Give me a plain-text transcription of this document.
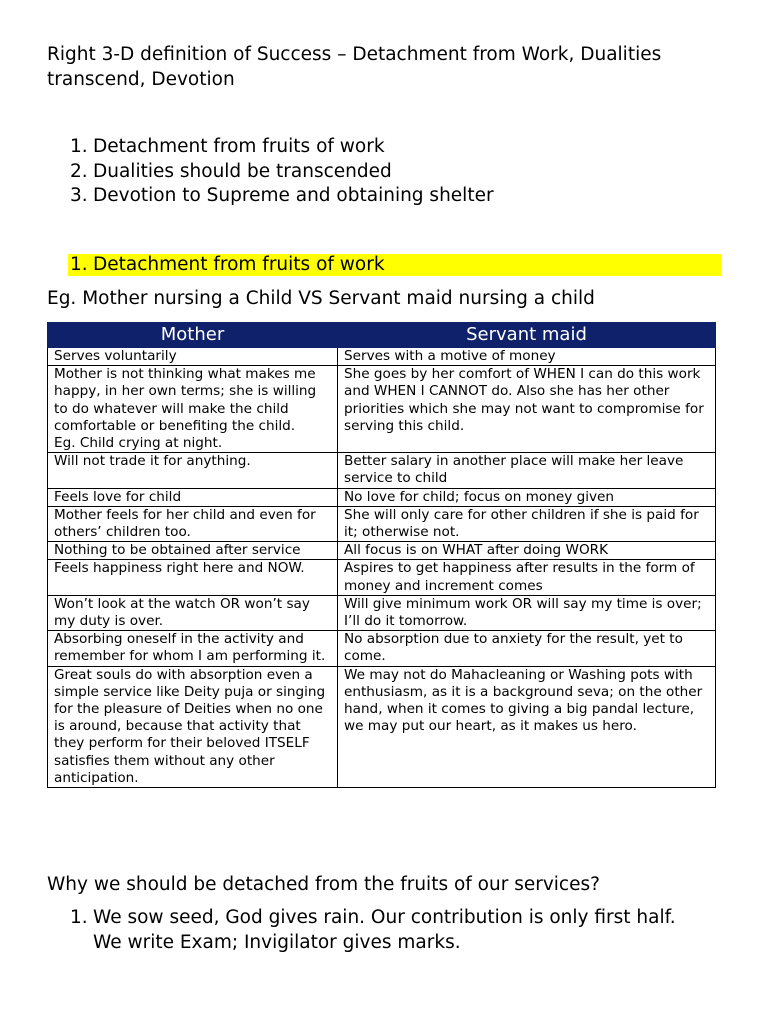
Right 3-D definition of Success – Detachment from Work, Dualities transcend, Devotion
1. Detachment from fruits of work
2. Dualities should be transcended
3. Devotion to Supreme and obtaining shelter
1. Detachment from fruits of work
Eg. Mother nursing a Child VS Servant maid nursing a child
Mother	Servant maid
Serves voluntarily	Serves with a motive of money
Mother is not thinking what makes me happy, in her own terms; she is willing to do whatever will make the child comfortable or benefiting the child.
Eg. Child crying at night.	She goes by her comfort of WHEN I can do this work and WHEN I CANNOT do. Also she has her other priorities which she may not want to compromise for serving this child.
Will not trade it for anything.	Better salary in another place will make her leave service to child
Feels love for child	No love for child; focus on money given
Mother feels for her child and even for others’ children too.	She will only care for other children if she is paid for it; otherwise not.
Nothing to be obtained after service	All focus is on WHAT after doing WORK
Feels happiness right here and NOW.	Aspires to get happiness after results in the form of money and increment comes
Won’t look at the watch OR won’t say my duty is over.	Will give minimum work OR will say my time is over; I’ll do it tomorrow.
Absorbing oneself in the activity and remember for whom I am performing it.	No absorption due to anxiety for the result, yet to come.
Great souls do with absorption even a simple service like Deity puja or singing for the pleasure of Deities when no one is around, because that activity that they perform for their beloved ITSELF satisfies them without any other anticipation.	We may not do Mahacleaning or Washing pots with enthusiasm, as it is a background seva; on the other hand, when it comes to giving a big pandal lecture, we may put our heart, as it makes us hero.
Why we should be detached from the fruits of our services?
1. We sow seed, God gives rain. Our contribution is only first half.
We write Exam; Invigilator gives marks.
